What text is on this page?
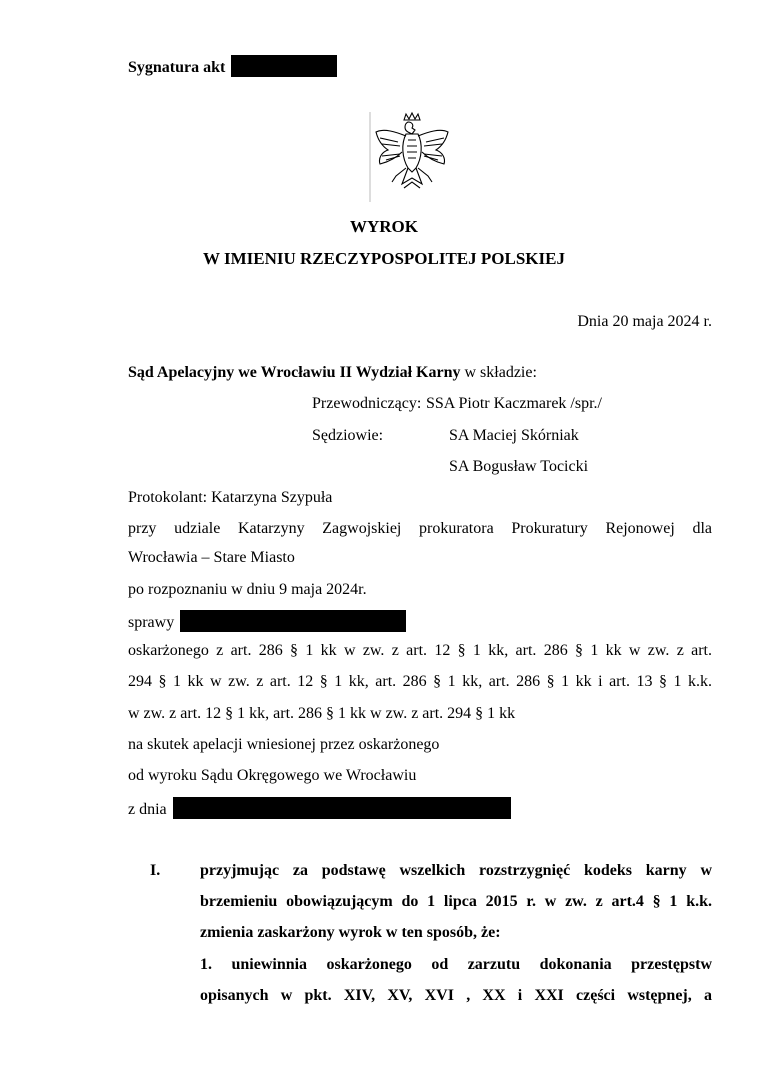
Sygnatura akt
WYROK
W IMIENIU RZECZYPOSPOLITEJ POLSKIEJ
Dnia 20 maja 2024 r.
Sąd Apelacyjny we Wrocławiu II Wydział Karny w składzie:
Przewodniczący: SSA Piotr Kaczmarek /spr./
Sędziowie:	SA Maciej Skórniak
SA Bogusław Tocicki
Protokolant: Katarzyna Szypuła
przy udziale Katarzyny Zagwojskiej prokuratora Prokuratury Rejonowej dla
Wrocławia – Stare Miasto
po rozpoznaniu w dniu 9 maja 2024r.
sprawy
oskarżonego z art. 286 § 1 kk w zw. z art. 12 § 1 kk, art. 286 § 1 kk w zw. z art.
294 § 1 kk w zw. z art. 12 § 1 kk, art. 286 § 1 kk, art. 286 § 1 kk i art. 13 § 1 k.k.
w zw. z art. 12 § 1 kk, art. 286 § 1 kk w zw. z art. 294 § 1 kk
na skutek apelacji wniesionej przez oskarżonego
od wyroku Sądu Okręgowego we Wrocławiu
z dnia
I. przyjmując za podstawę wszelkich rozstrzygnięć kodeks karny w
brzemieniu obowiązującym do 1 lipca 2015 r. w zw. z art.4 § 1 k.k.
zmienia zaskarżony wyrok w ten sposób, że:
1. uniewinnia oskarżonego od zarzutu dokonania przestępstw
opisanych w pkt. XIV, XV, XVI , XX i XXI części wstępnej, a
